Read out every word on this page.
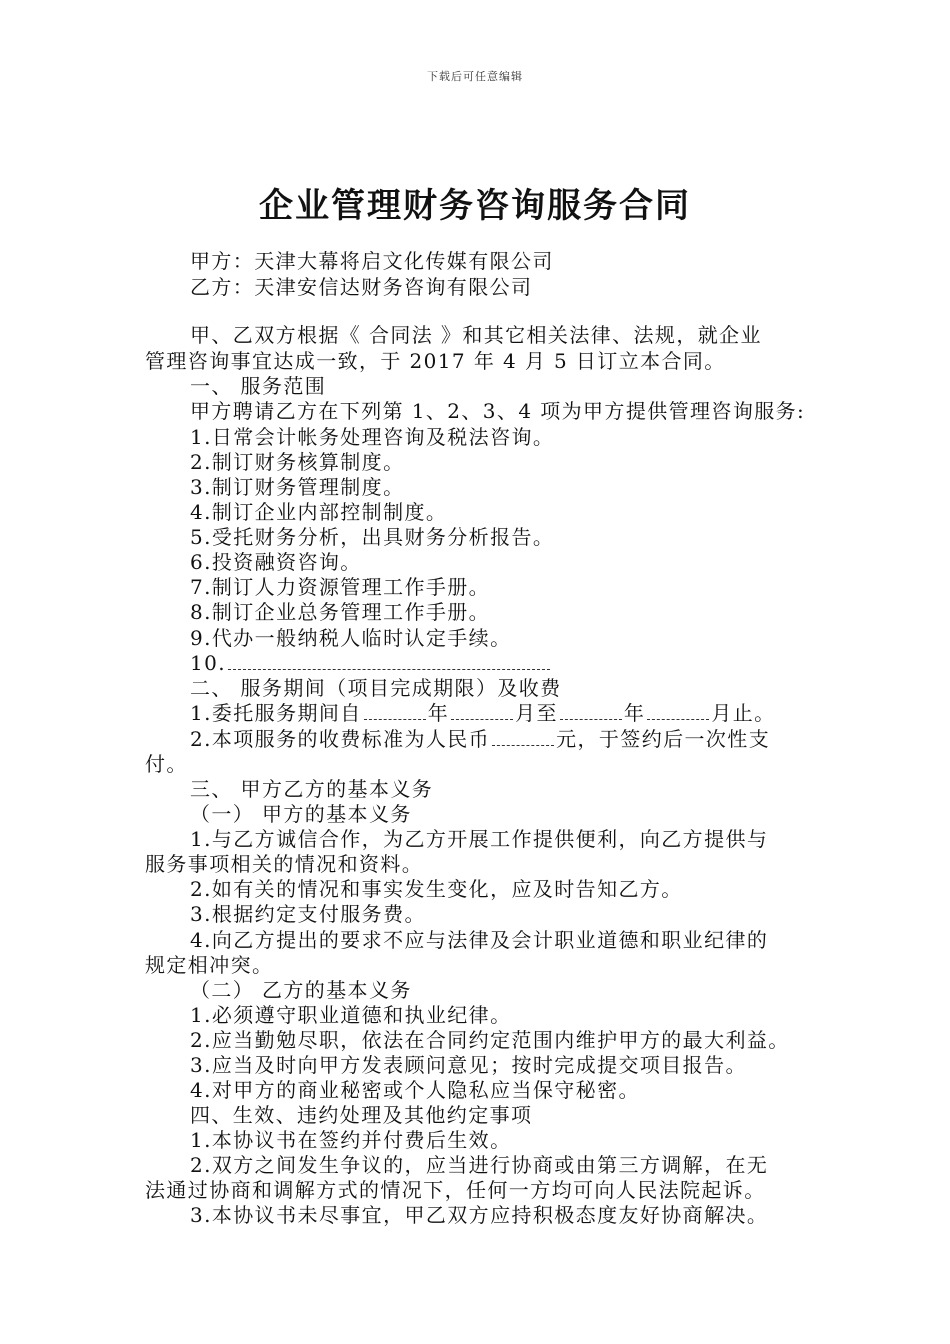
下载后可任意编辑
企业管理财务咨询服务合同
甲方：天津大幕将启文化传媒有限公司
乙方：天津安信达财务咨询有限公司
甲、乙双方根据《 合同法 》和其它相关法律、法规，就企业
管理咨询事宜达成一致，于 2017 年 4 月 5 日订立本合同。
一、 服务范围
甲方聘请乙方在下列第 1、2、3、4 项为甲方提供管理咨询服务:
1.日常会计帐务处理咨询及税法咨询。
2.制订财务核算制度。
3.制订财务管理制度。
4.制订企业内部控制制度。
5.受托财务分析，出具财务分析报告。
6.投资融资咨询。
7.制订人力资源管理工作手册。
8.制订企业总务管理工作手册。
9.代办一般纳税人临时认定手续。
10.
二、 服务期间（项目完成期限）及收费
1.委托服务期间自	年	月至	年	月止。
2.本项服务的收费标准为人民币	元，于签约后一次性支
付。
三、 甲方乙方的基本义务
（一） 甲方的基本义务
1.与乙方诚信合作，为乙方开展工作提供便利，向乙方提供与
服务事项相关的情况和资料。
2.如有关的情况和事实发生变化，应及时告知乙方。
3.根据约定支付服务费。
4.向乙方提出的要求不应与法律及会计职业道德和职业纪律的
规定相冲突。
（二） 乙方的基本义务
1.必须遵守职业道德和执业纪律。
2.应当勤勉尽职，依法在合同约定范围内维护甲方的最大利益。
3.应当及时向甲方发表顾问意见；按时完成提交项目报告。
4.对甲方的商业秘密或个人隐私应当保守秘密。
四、生效、违约处理及其他约定事项
1.本协议书在签约并付费后生效。
2.双方之间发生争议的，应当进行协商或由第三方调解，在无
法通过协商和调解方式的情况下，任何一方均可向人民法院起诉。
3.本协议书未尽事宜，甲乙双方应持积极态度友好协商解决。
